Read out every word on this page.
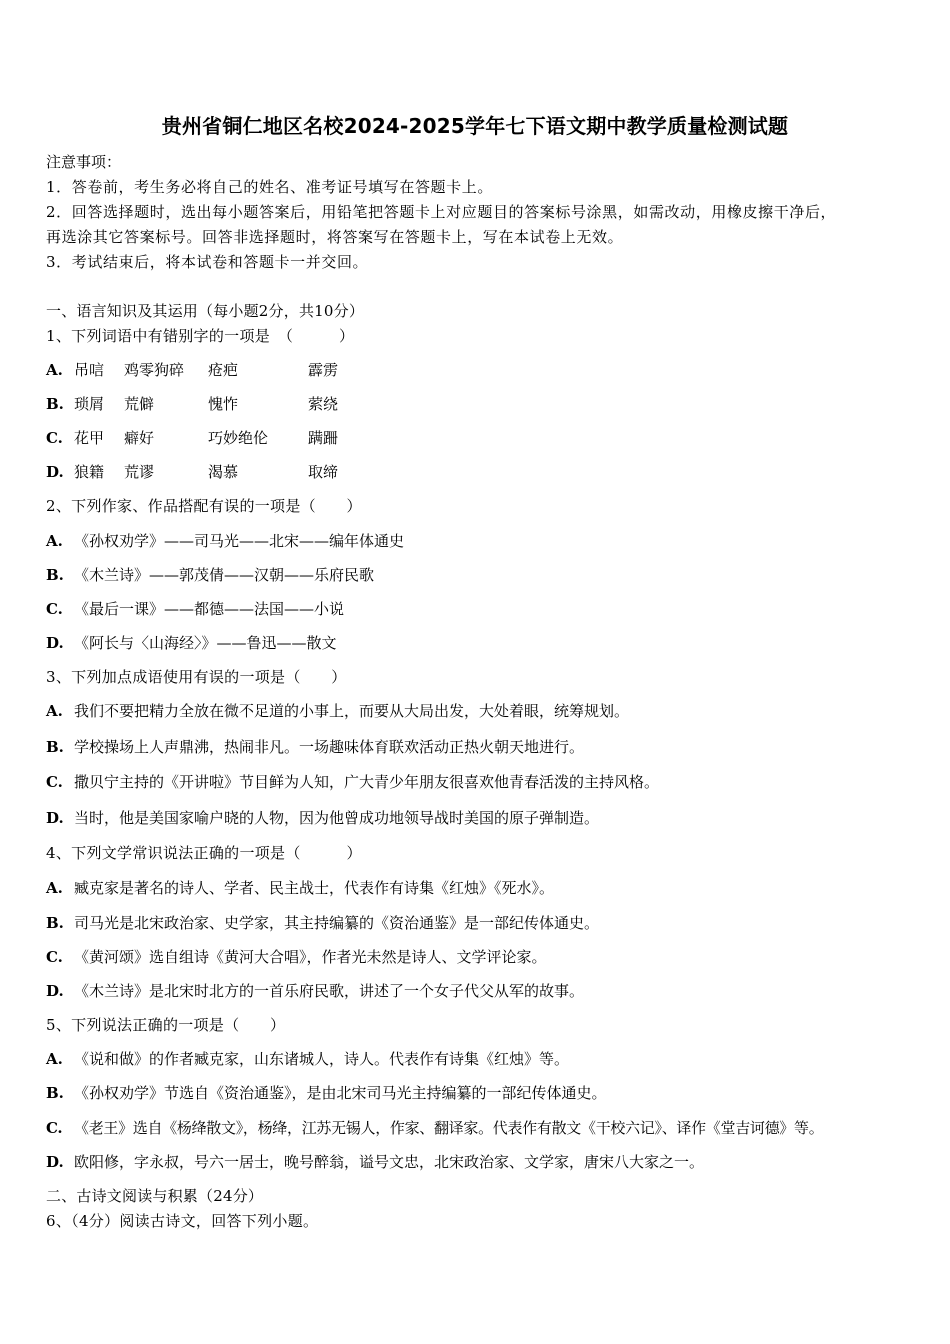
贵州省铜仁地区名校2024-2025学年七下语文期中教学质量检测试题
注意事项：
1．答卷前，考生务必将自己的姓名、准考证号填写在答题卡上。
2．回答选择题时，选出每小题答案后，用铅笔把答题卡上对应题目的答案标号涂黑，如需改动，用橡皮擦干净后，
再选涂其它答案标号。回答非选择题时，将答案写在答题卡上，写在本试卷上无效。
3．考试结束后，将本试卷和答题卡一并交回。
一、语言知识及其运用（每小题2分，共10分）
1、下列词语中有错别字的一项是　（　　　）
A. 吊唁 鸡零狗碎 疮疤	霹雳
B. 琐屑 荒僻	愧怍	萦绕
C. 花甲 癖好	巧妙绝伦	蹒跚
D. 狼籍 荒谬	渴慕	取缔
2、下列作家、作品搭配有误的一项是（　　）
A. 《孙权劝学》——司马光——北宋——编年体通史
B. 《木兰诗》——郭茂倩——汉朝——乐府民歌
C. 《最后一课》——都德——法国——小说
D. 《阿长与〈山海经〉》——鲁迅——散文
3、下列加点成语使用有误的一项是（　　）
A. 我们不要把精力全放在微不足道的小事上，而要从大局出发，大处着眼，统筹规划。
B. 学校操场上人声鼎沸，热闹非凡。一场趣味体育联欢活动正热火朝天地进行。
C. 撒贝宁主持的《开讲啦》节目鲜为人知，广大青少年朋友很喜欢他青春活泼的主持风格。
D. 当时，他是美国家喻户晓的人物，因为他曾成功地领导战时美国的原子弹制造。
4、下列文学常识说法正确的一项是（　　　）
A. 臧克家是著名的诗人、学者、民主战士，代表作有诗集《红烛》《死水》。
B. 司马光是北宋政治家、史学家，其主持编纂的《资治通鉴》是一部纪传体通史。
C. 《黄河颂》选自组诗《黄河大合唱》，作者光未然是诗人、文学评论家。
D. 《木兰诗》是北宋时北方的一首乐府民歌，讲述了一个女子代父从军的故事。
5、下列说法正确的一项是（　　）
A. 《说和做》的作者臧克家，山东诸城人，诗人。代表作有诗集《红烛》等。
B. 《孙权劝学》节选自《资治通鉴》，是由北宋司马光主持编纂的一部纪传体通史。
C. 《老王》选自《杨绛散文》，杨绛，江苏无锡人，作家、翻译家。代表作有散文《干校六记》、译作《堂吉诃德》等。
D. 欧阳修，字永叔，号六一居士，晚号醉翁，谥号文忠，北宋政治家、文学家，唐宋八大家之一。
二、古诗文阅读与积累（24分）
6、（4分）阅读古诗文，回答下列小题。
